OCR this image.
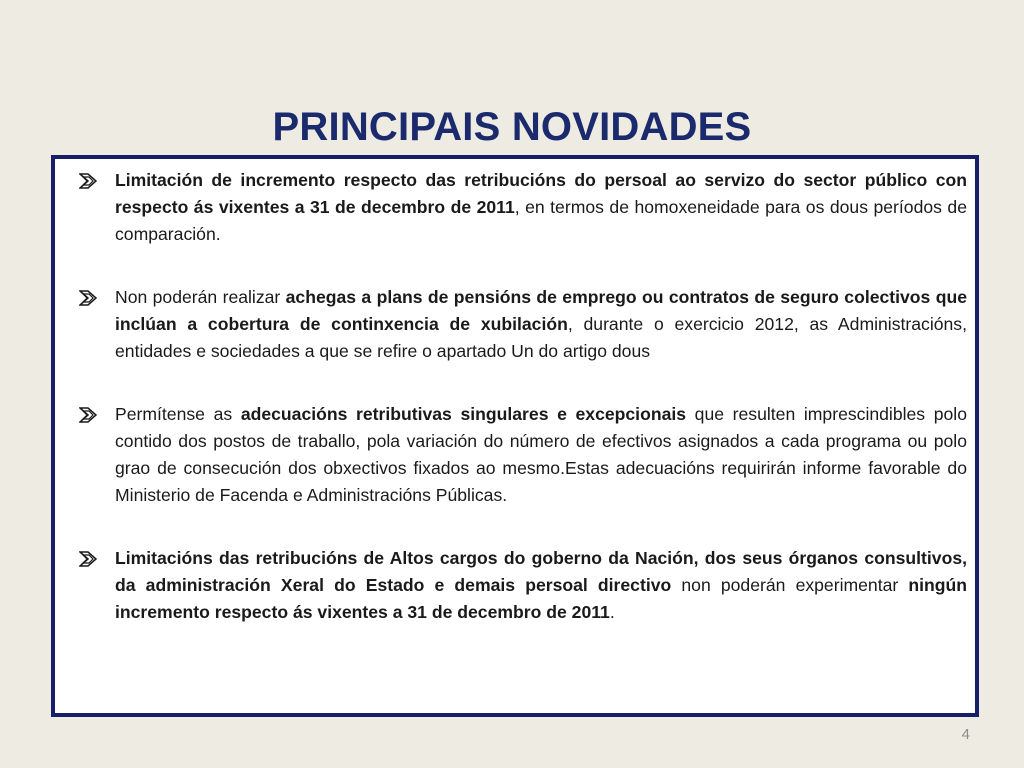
PRINCIPAIS NOVIDADES
Limitación de incremento respecto das retribucións do persoal ao servizo do sector público con respecto ás vixentes a 31 de decembro de 2011, en termos de homoxeneidade para os dous períodos de comparación.
Non poderán realizar achegas a plans de pensións de emprego ou contratos de seguro colectivos que inclúan a cobertura de continxencia de xubilación, durante o exercicio 2012, as Administracións, entidades e sociedades a que se refire o apartado Un do artigo dous
Permítense as adecuacións retributivas singulares e excepcionais que resulten imprescindibles polo contido dos postos de traballo, pola variación do número de efectivos asignados a cada programa ou polo grao de consecución dos obxectivos fixados ao mesmo.Estas adecuacións requirirán informe favorable do Ministerio de Facenda e Administracións Públicas.
Limitacións das retribucións de Altos cargos do goberno da Nación, dos seus órganos consultivos, da administración Xeral do Estado e demais persoal directivo non poderán experimentar ningún incremento respecto ás vixentes a 31 de decembro de 2011.
4
